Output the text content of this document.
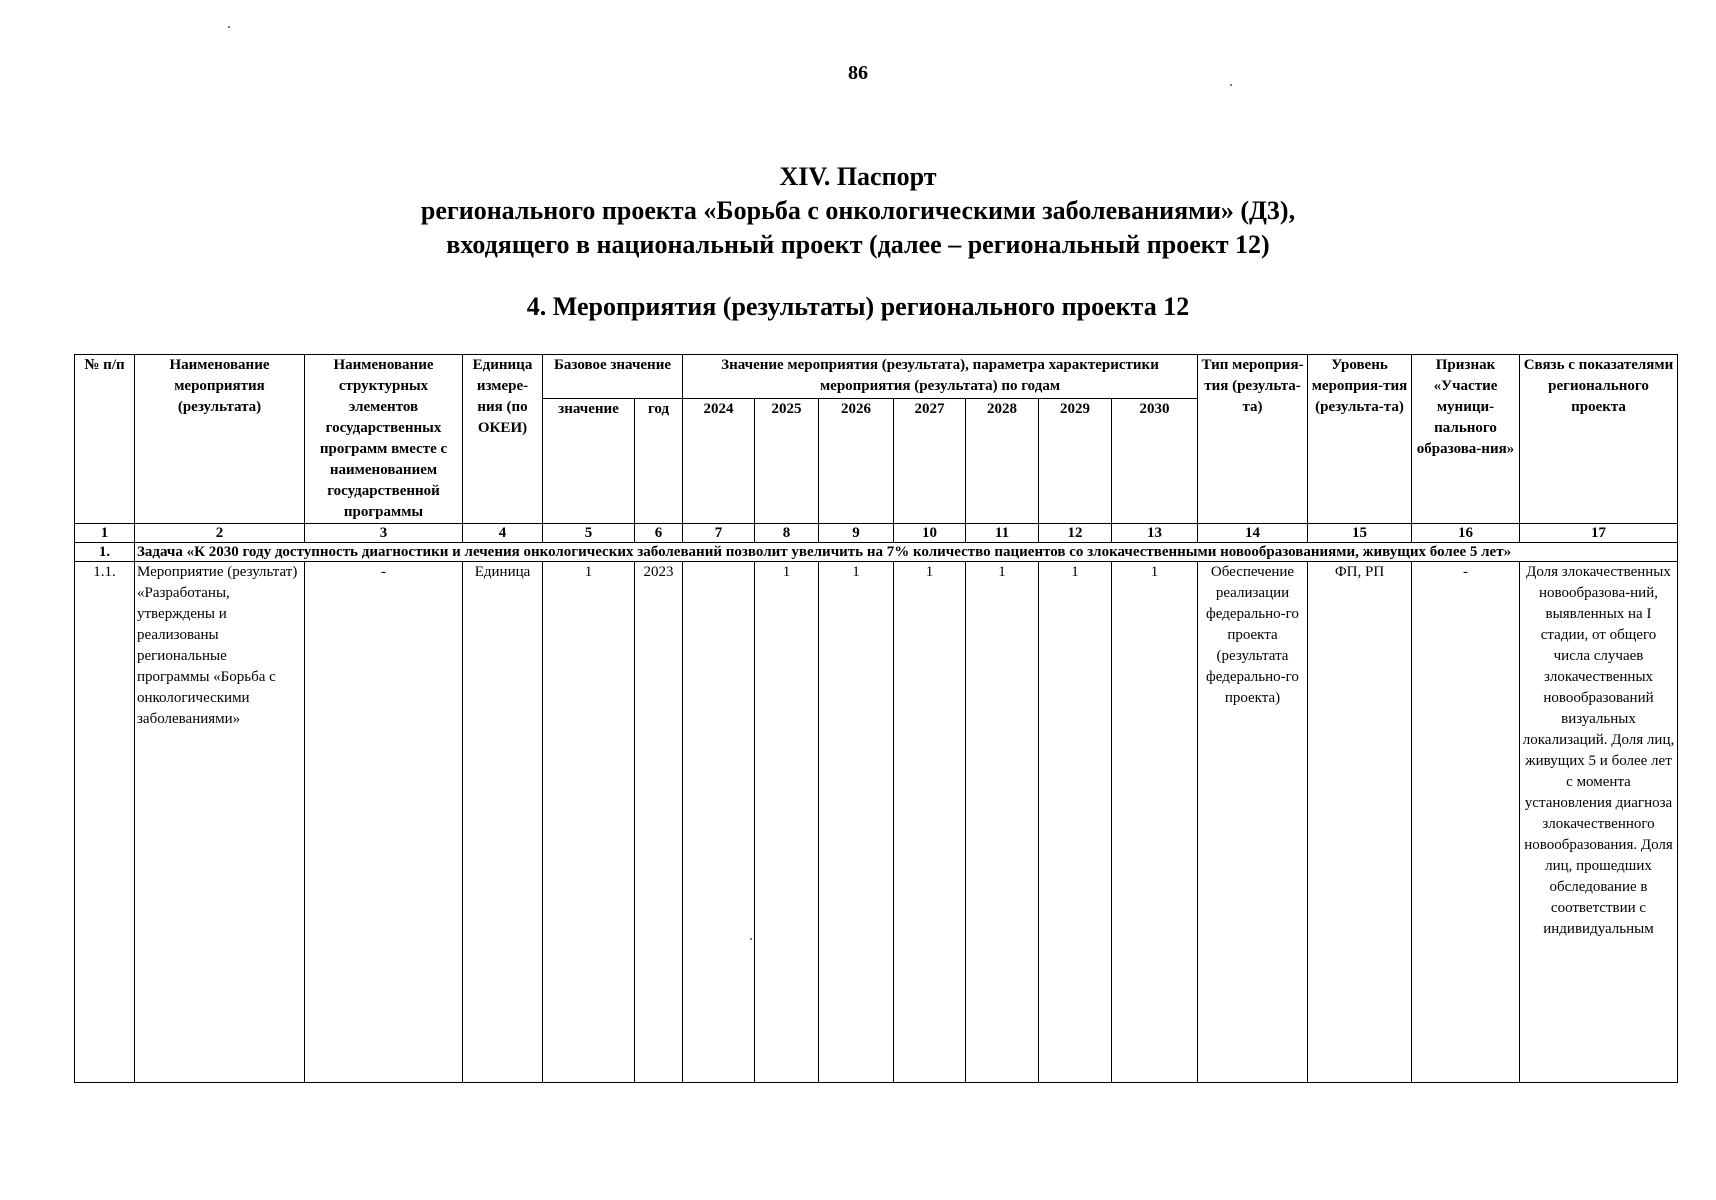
86
XIV. Паспорт
регионального проекта «Борьба с онкологическими заболеваниями» (Д3),
входящего в национальный проект (далее – региональный проект 12)
4. Мероприятия (результаты) регионального проекта 12
№ п/п	Наименование мероприятия (результата)	Наименование структурных элементов государственных программ вместе с наименованием государственной программы	Единица измере-ния (по ОКЕИ)	Базовое значение		Значение мероприятия (результата), параметра характеристики мероприятия (результата) по годам							Тип мероприя-тия (результа-та)	Уровень мероприя-тия (результа-та)	Признак «Участие муници-пального образова-ния»	Связь с показателями регионального проекта
				значение	год	2024	2025	2026	2027	2028	2029	2030				
1	2	3	4	5	6	7	8	9	10	11	12	13	14	15	16	17
1.	Задача «К 2030 году доступность диагностики и лечения онкологических заболеваний позволит увеличить на 7% количество пациентов со злокачественными новообразованиями, живущих более 5 лет»															
1.1.	Мероприятие (результат) «Разработаны, утверждены и реализованы региональные программы «Борьба с онкологическими заболеваниями»	-	Единица	1	2023		1	1	1	1	1	1	Обеспечение реализации федерально-го проекта (результата федерально-го проекта)	ФП, РП	-	Доля злокачественных новообразова-ний, выявленных на I стадии, от общего числа случаев злокачественных новообразований визуальных локализаций. Доля лиц, живущих 5 и более лет с момента установления диагноза злокачественного новообразования. Доля лиц, прошедших обследование в соответствии с индивидуальным
